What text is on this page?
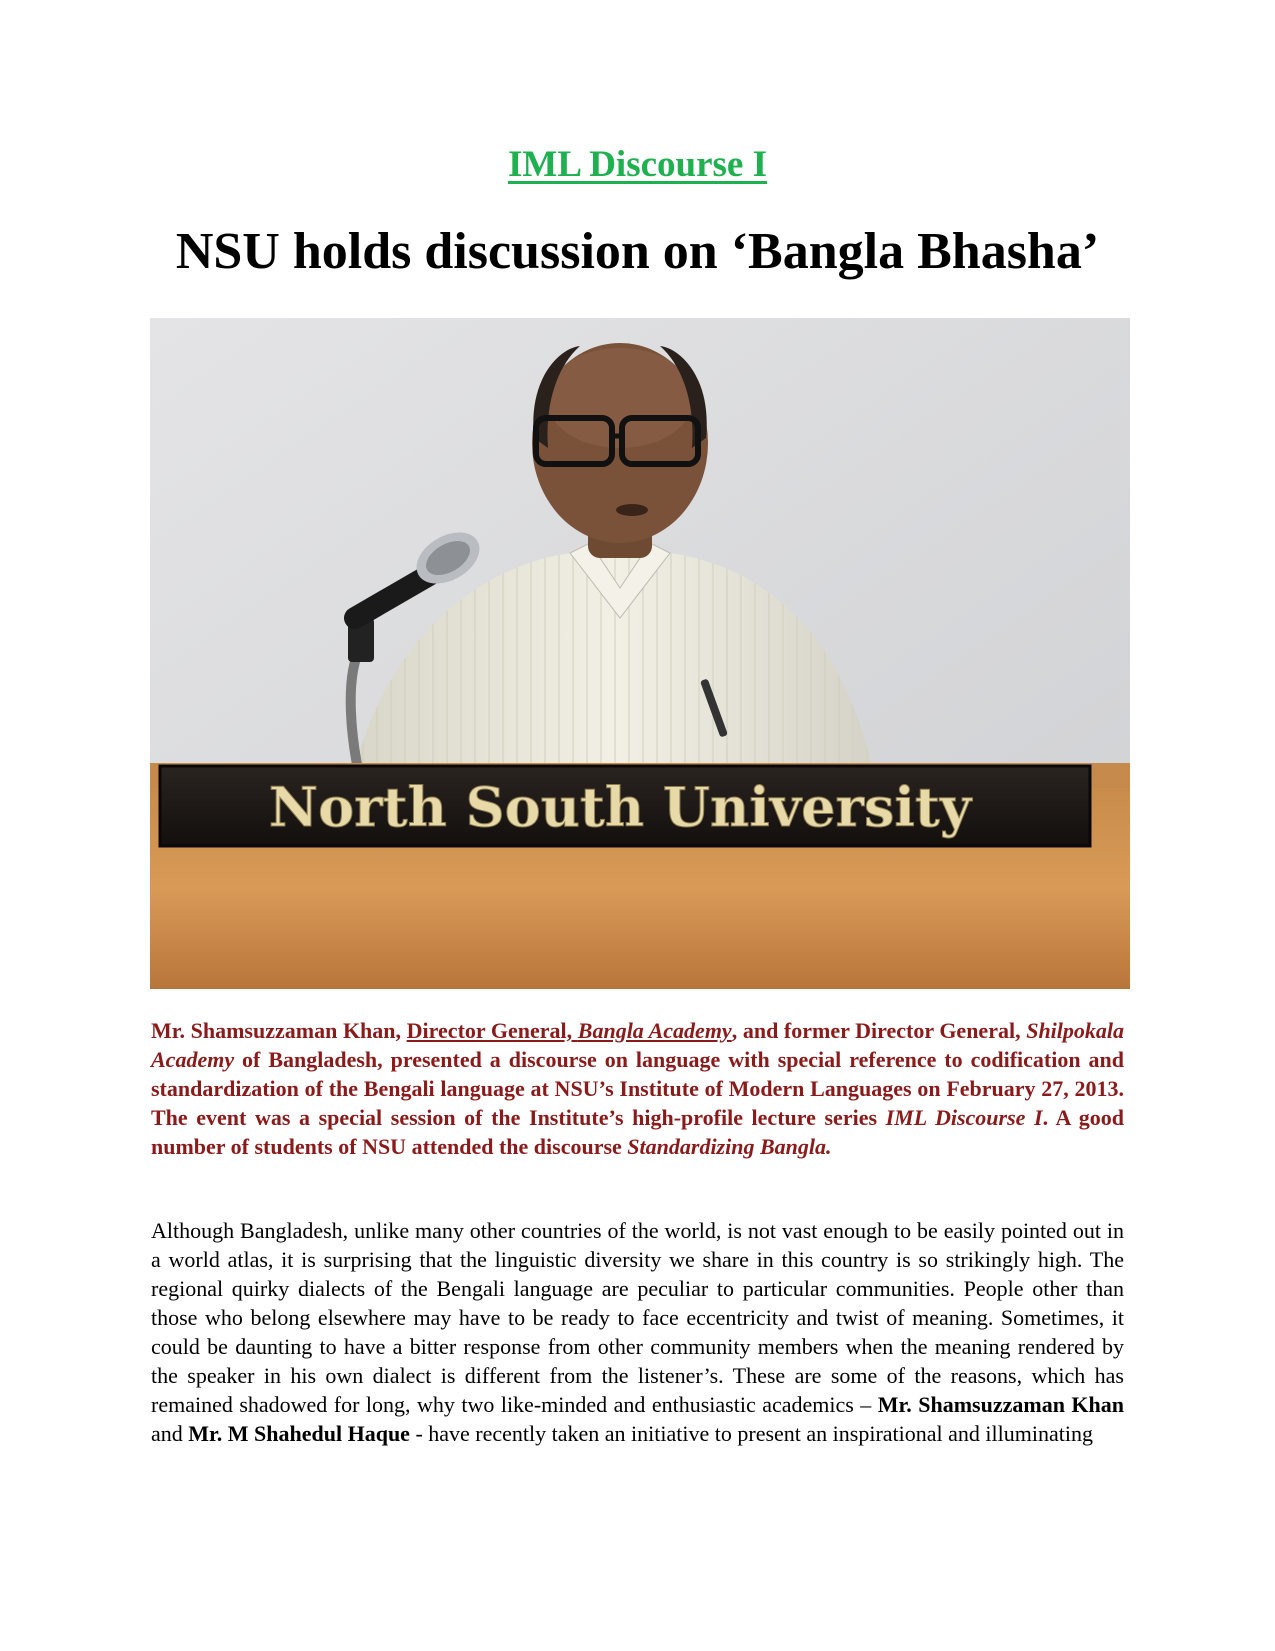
IML Discourse I
NSU holds discussion on ‘Bangla Bhasha’
North South University

Mr. Shamsuzzaman Khan, Director General, Bangla Academy, and former Director General, Shilpokala Academy of Bangladesh, presented a discourse on language with special reference to codification and standardization of the Bengali language at NSU’s Institute of Modern Languages on February 27, 2013. The event was a special session of the Institute’s high-profile lecture series IML Discourse I. A good number of students of NSU attended the discourse Standardizing Bangla.

Although Bangladesh, unlike many other countries of the world, is not vast enough to be easily pointed out in a world atlas, it is surprising that the linguistic diversity we share in this country is so strikingly high. The regional quirky dialects of the Bengali language are peculiar to particular communities. People other than those who belong elsewhere may have to be ready to face eccentricity and twist of meaning. Sometimes, it could be daunting to have a bitter response from other community members when the meaning rendered by the speaker in his own dialect is different from the listener’s. These are some of the reasons, which has remained shadowed for long, why two like-minded and enthusiastic academics – Mr. Shamsuzzaman Khan and Mr. M Shahedul Haque - have recently taken an initiative to present an inspirational and illuminating
